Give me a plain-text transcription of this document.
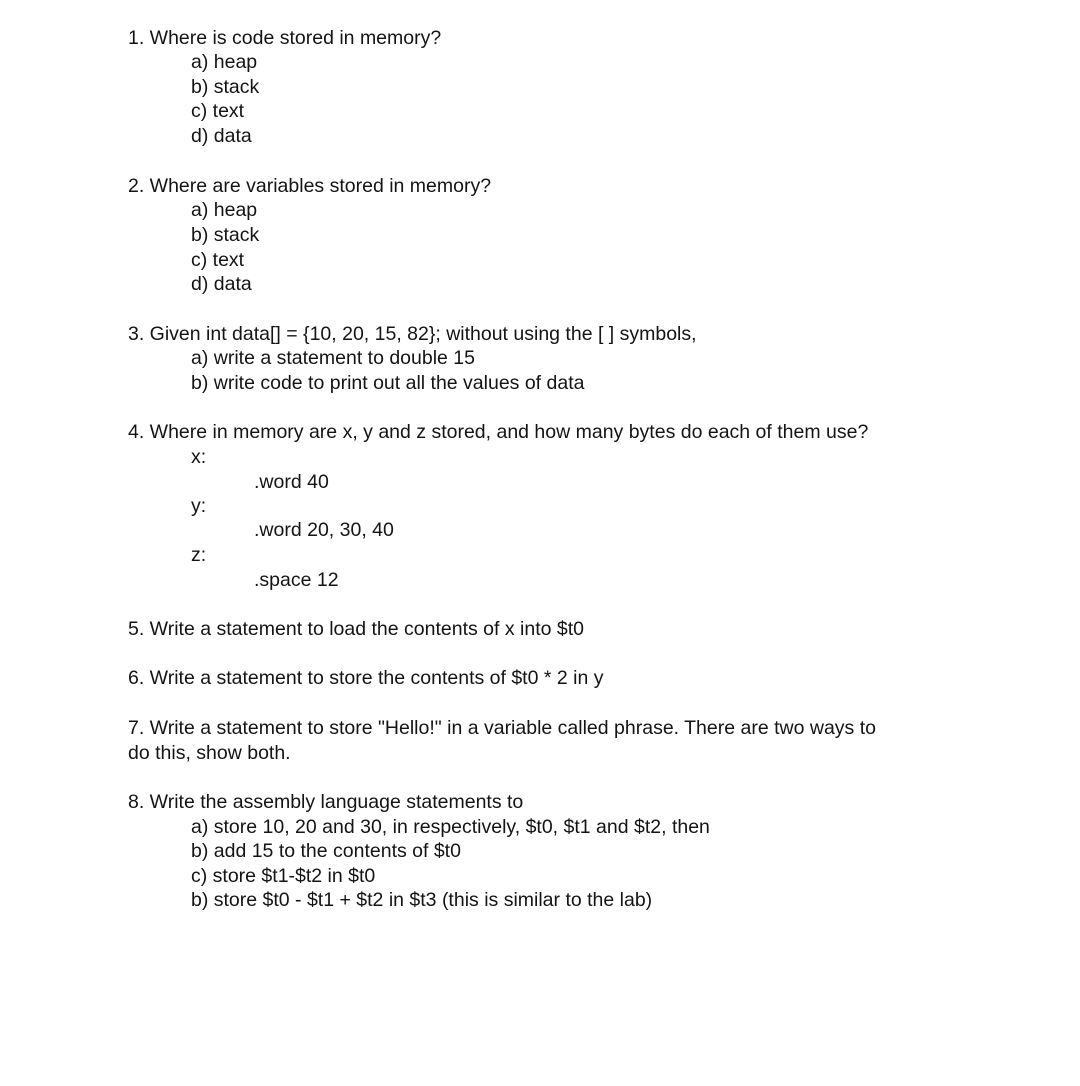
1. Where is code stored in memory?
a) heap
b) stack
c) text
d) data
2. Where are variables stored in memory?
a) heap
b) stack
c) text
d) data
3. Given int data[] = {10, 20, 15, 82}; without using the [ ] symbols,
a) write a statement to double 15
b) write code to print out all the values of data
4. Where in memory are x, y and z stored, and how many bytes do each of them use?
x:
.word 40
y:
.word 20, 30, 40
z:
.space 12
5. Write a statement to load the contents of x into $t0
6. Write a statement to store the contents of $t0 * 2 in y
7. Write a statement to store "Hello!" in a variable called phrase. There are two ways to
do this, show both.
8. Write the assembly language statements to
a) store 10, 20 and 30, in respectively, $t0, $t1 and $t2, then
b) add 15 to the contents of $t0
c) store $t1-$t2 in $t0
b) store $t0 - $t1 + $t2 in $t3 (this is similar to the lab)
